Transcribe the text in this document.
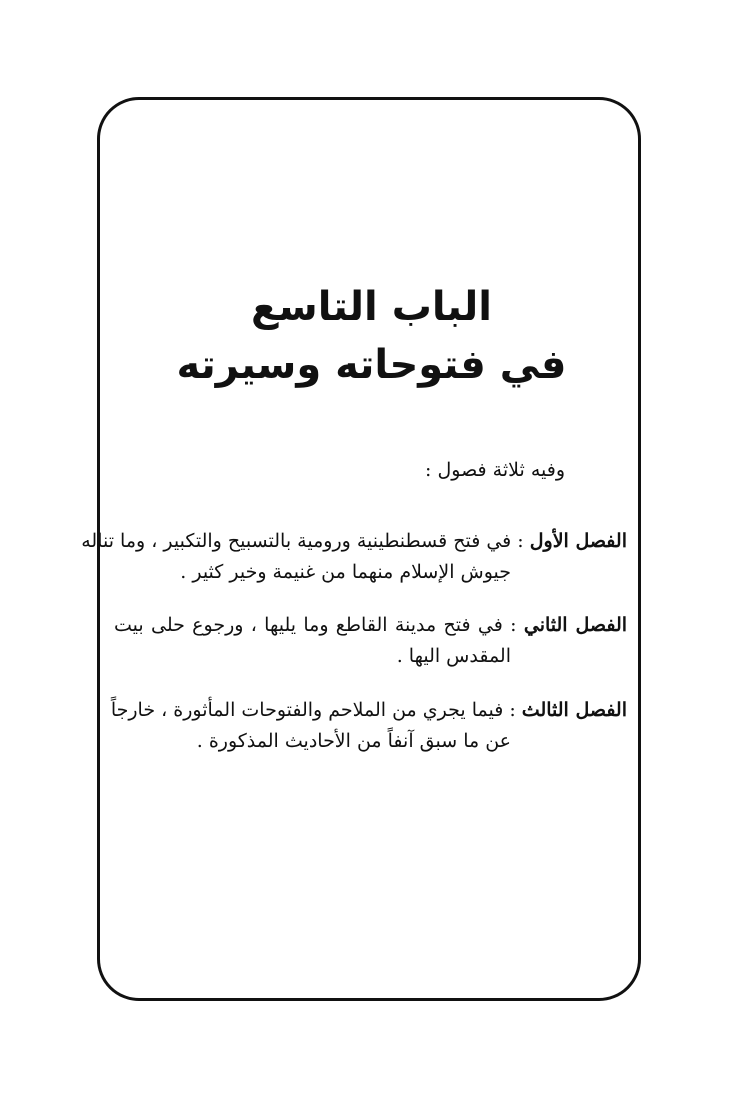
الباب التاسع
في فتوحاته وسيرته

وفيه ثلاثة فصول :

الفصل الأول : في فتح قسطنطينية ورومية بالتسبيح والتكبير ، وما تناله
جيوش الإسلام منهما من غنيمة وخير كثير .
الفصل الثاني : في فتح مدينة القاطع وما يليها ، ورجوع حلى بيت
المقدس اليها .
الفصل الثالث : فيما يجري من الملاحم والفتوحات المأثورة ، خارجاً
عن ما سبق آنفاً من الأحاديث المذكورة .
